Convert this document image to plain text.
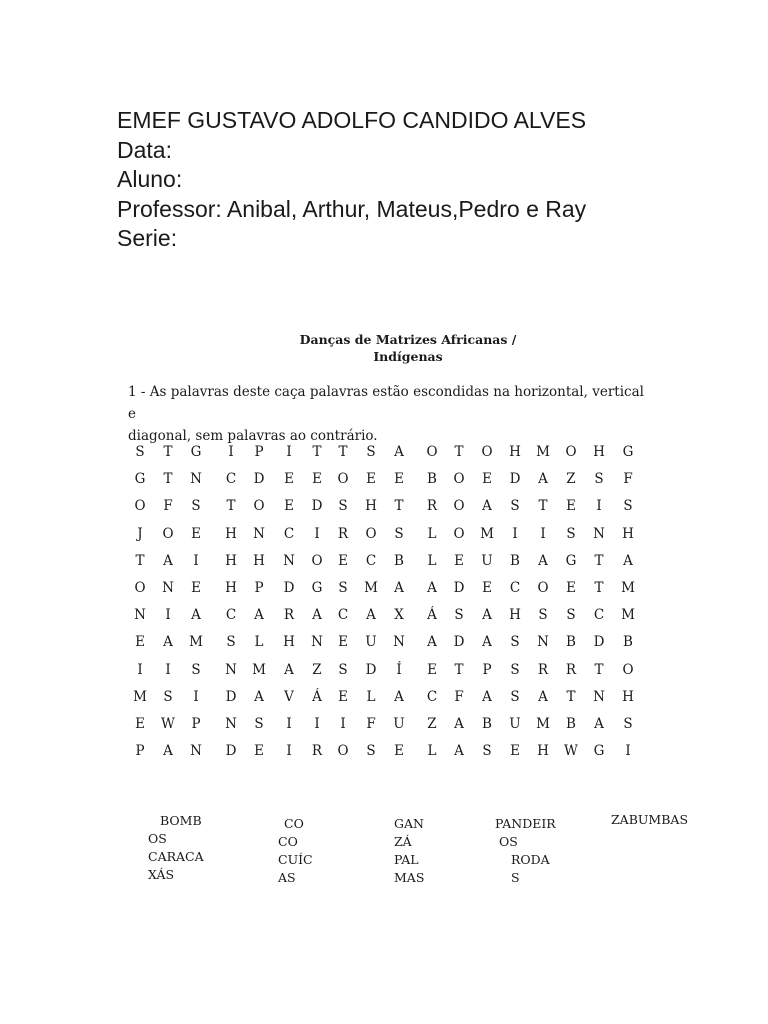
EMEF GUSTAVO ADOLFO CANDIDO ALVES
Data:
Aluno:
Professor: Anibal, Arthur, Mateus,Pedro e Ray
Serie:
Danças de Matrizes Africanas /
Indígenas
1 - As palavras deste caça palavras estão escondidas na horizontal, vertical e
diagonal, sem palavras ao contrário.
S	T	G	I	P	I	T	T	S	A	O	T	O	H	M	O	H	G
G	T	N	C	D	E	E	O	E	E	B	O	E	D	A	Z	S	F
O	F	S	T	O	E	D	S	H	T	R	O	A	S	T	E	I	S
J	O	E	H	N	C	I	R	O	S	L	O	M	I	I	S	N	H
T	A	I	H	H	N	O	E	C	B	L	E	U	B	A	G	T	A
O	N	E	H	P	D	G	S	M	A	A	D	E	C	O	E	T	M
N	I	A	C	A	R	A	C	A	X	Á	S	A	H	S	S	C	M
E	A	M	S	L	H	N	E	U	N	A	D	A	S	N	B	D	B
I	I	S	N	M	A	Z	S	D	Í	E	T	P	S	R	R	T	O
M	S	I	D	A	V	Á	E	L	A	C	F	A	S	A	T	N	H
E	W	P	N	S	I	I	I	F	U	Z	A	B	U	M	B	A	S
P	A	N	D	E	I	R	O	S	E	L	A	S	E	H	W	G	I
BOMB
OS
CARACA
XÁS
CO
CO
CUÍC
AS
GAN
ZÁ
PAL
MAS
PANDEIR
OS
RODA
S
ZABUMBAS
